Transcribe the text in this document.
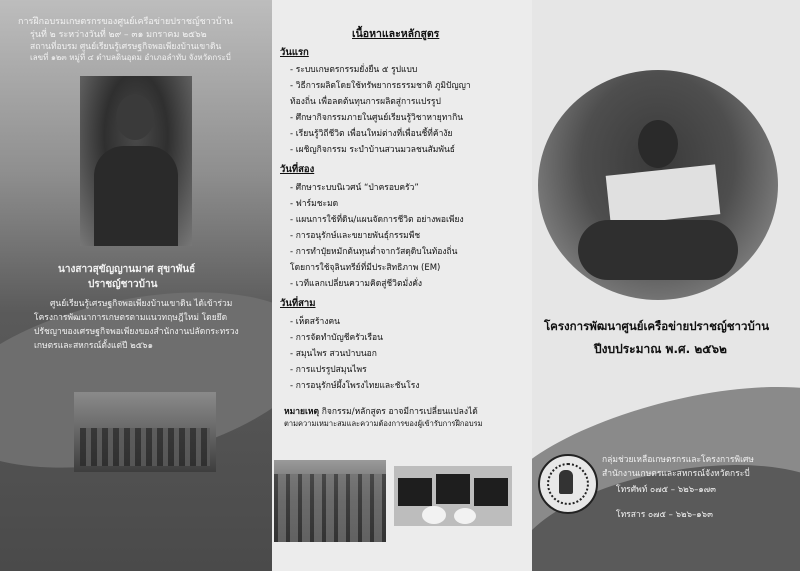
การฝึกอบรมเกษตรกรของศูนย์เครือข่ายปราชญ์ชาวบ้าน
รุ่นที่ ๒ ระหว่างวันที่ ๒๙ – ๓๑ มกราคม ๒๕๖๒
สถานที่อบรม ศูนย์เรียนรู้เศรษฐกิจพอเพียงบ้านเขาดิน
เลขที่ ๑๒๓ หมู่ที่ ๔ ตำบลดินอุดม อำเภอลำทับ จังหวัดกระบี่
นางสาวสุขัญญานมาศ สุขาพันธ์
ปราชญ์ชาวบ้าน
ศูนย์เรียนรู้เศรษฐกิจพอเพียงบ้านเขาดิน ได้เข้าร่วม
โครงการพัฒนาการเกษตรตามแนวทฤษฎีใหม่ โดยยึด
ปรัชญาของเศรษฐกิจพอเพียงของสำนักงานปลัดกระทรวง
เกษตรและสหกรณ์ตั้งแต่ปี ๒๕๖๑
เนื้อหาและหลักสูตร
วันแรก
- ระบบเกษตรกรรมยั่งยืน ๕ รูปแบบ
- วิธีการผลิตโดยใช้ทรัพยากรธรรมชาติ ภูมิปัญญา
ท้องถิ่น เพื่อลดต้นทุนการผลิตสู่การแปรรูป
- ศึกษากิจกรรมภายในศูนย์เรียนรู้วิชาหายุทากิน
- เรียนรู้วิถีชีวิต เพื่อนใหม่ต่างที่เพื่อนชี้ที่ค้างัย
- เผชิญกิจกรรม ระบำบ้านสวนมวลชนสัมพันธ์
วันที่สอง
- ศึกษาระบบนิเวศน์ “ป่าครอบครัว”
- ฟาร์มชะมด
- แผนการใช้ที่ดิน/แผนจัดการชีวิต อย่างพอเพียง
- การอนุรักษ์และขยายพันธุ์กรรมพืช
- การทำปุ๋ยหมักต้นทุนต่ำจากวัสดุดิบในท้องถิ่น
โดยการใช้จุลินทรีย์ที่มีประสิทธิภาพ (EM)
- เวทีแลกเปลี่ยนความคิดสู่ชีวิตมั่งคั่ง
วันที่สาม
- เห็ดสร้างคน
- การจัดทำบัญชีครัวเรือน
- สมุนไพร สวนป่าบนอก
- การแปรรูปสมุนไพร
- การอนุรักษ์ผึ้งโพรงไทยและชันโรง
หมายเหตุ กิจกรรม/หลักสูตร อาจมีการเปลี่ยนแปลงได้
ตามความเหมาะสมและความต้องการของผู้เข้ารับการฝึกอบรม
โครงการพัฒนาศูนย์เครือข่ายปราชญ์ชาวบ้าน
ปีงบประมาณ พ.ศ. ๒๕๖๒
กลุ่มช่วยเหลือเกษตรกรและโครงการพิเศษ
สำนักงานเกษตรและสหกรณ์จังหวัดกระบี่
โทรศัพท์ ๐๗๕ – ๖๒๖–๑๗๓
โทรสาร ๐๗๕ – ๖๒๖–๑๖๓
